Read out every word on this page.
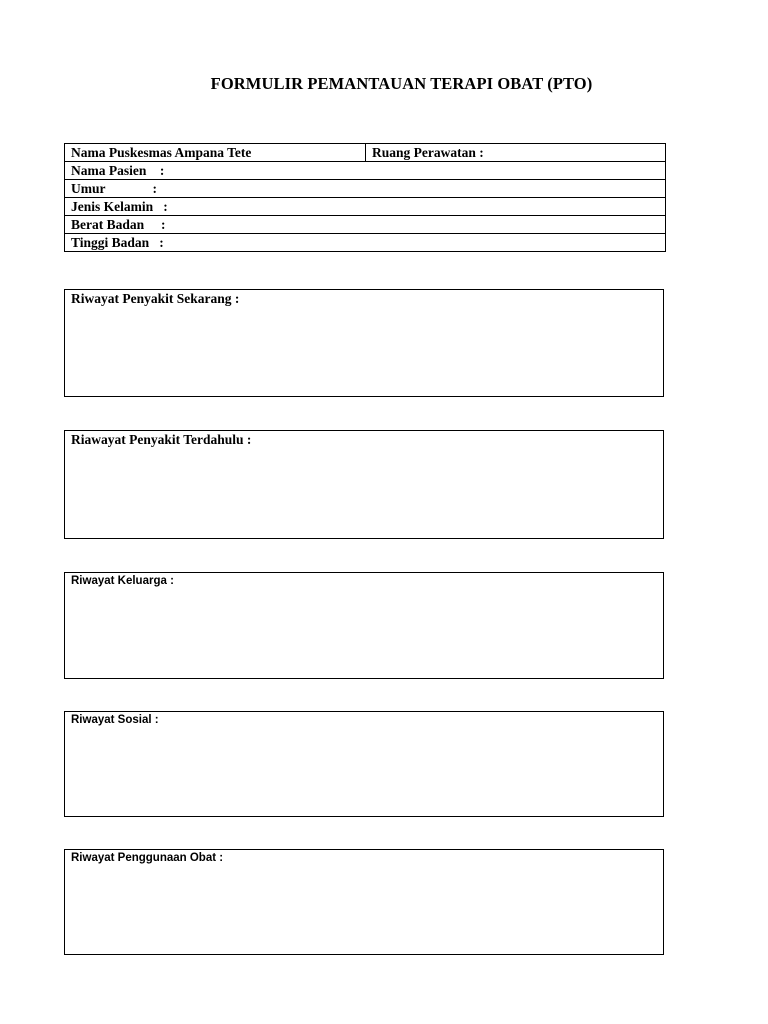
FORMULIR PEMANTAUAN TERAPI OBAT (PTO)
Nama Puskesmas Ampana Tete	Ruang Perawatan :
Nama Pasien    :
Umur              :
Jenis Kelamin   :
Berat Badan     :
Tinggi Badan   :
Riwayat Penyakit Sekarang :
Riawayat Penyakit Terdahulu :
Riwayat Keluarga :
Riwayat Sosial :
Riwayat Penggunaan Obat :
